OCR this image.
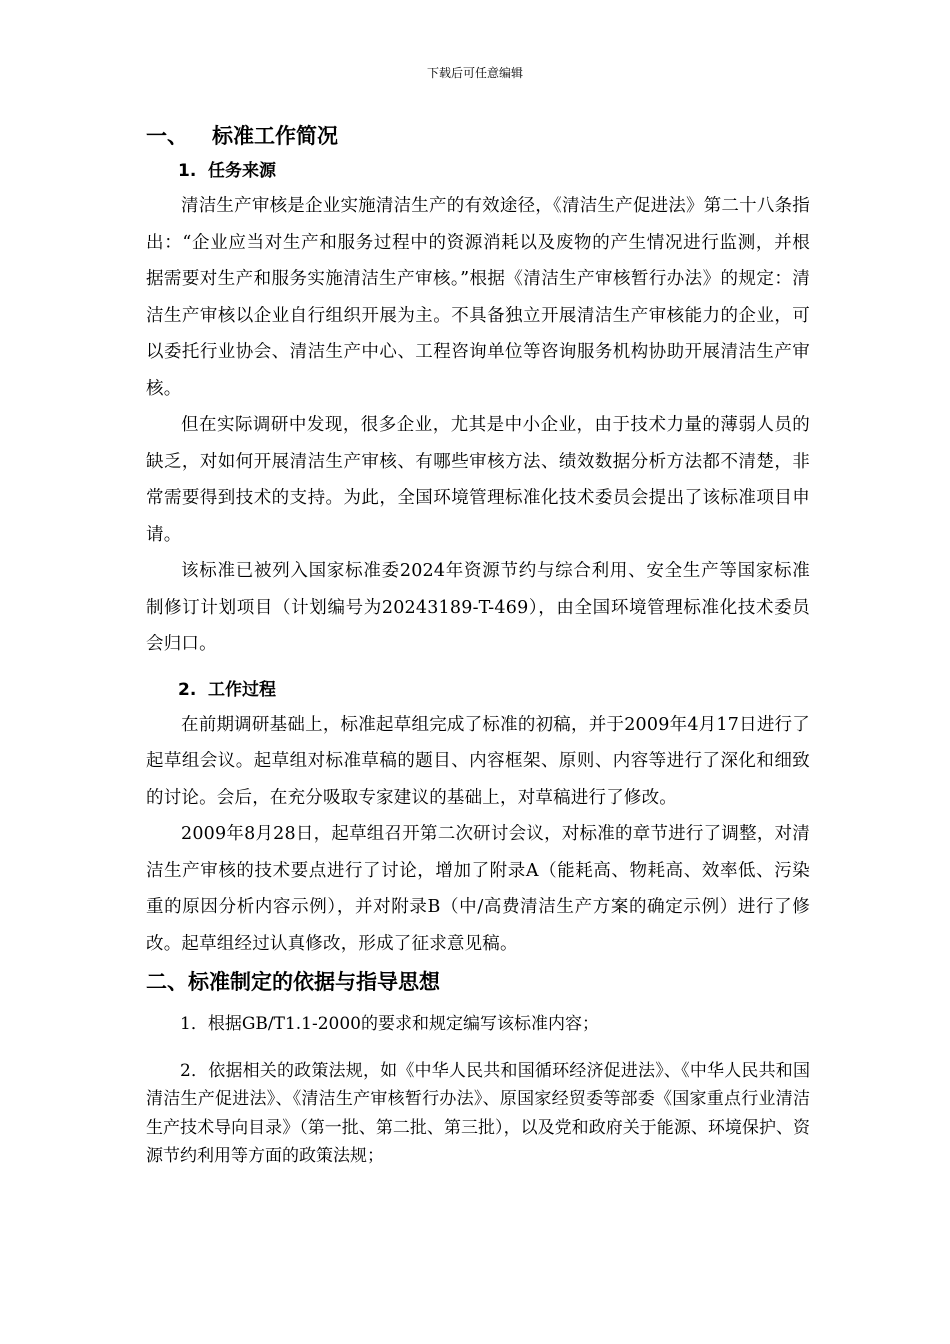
下载后可任意编辑
一、 标准工作简况
1. 任务来源

清洁生产审核是企业实施清洁生产的有效途径，《清洁生产促进法》第二十八条指出：“企业应当对生产和服务过程中的资源消耗以及废物的产生情况进行监测，并根据需要对生产和服务实施清洁生产审核。”根据《清洁生产审核暂行办法》的规定：清洁生产审核以企业自行组织开展为主。不具备独立开展清洁生产审核能力的企业，可以委托行业协会、清洁生产中心、工程咨询单位等咨询服务机构协助开展清洁生产审核。

但在实际调研中发现，很多企业，尤其是中小企业，由于技术力量的薄弱人员的缺乏，对如何开展清洁生产审核、有哪些审核方法、绩效数据分析方法都不清楚，非常需要得到技术的支持。为此，全国环境管理标准化技术委员会提出了该标准项目申请。

该标准已被列入国家标准委2024年资源节约与综合利用、安全生产等国家标准制修订计划项目（计划编号为20243189-T-469），由全国环境管理标准化技术委员会归口。

2. 工作过程

在前期调研基础上，标准起草组完成了标准的初稿，并于2009年4月17日进行了起草组会议。起草组对标准草稿的题目、内容框架、原则、内容等进行了深化和细致的讨论。会后，在充分吸取专家建议的基础上，对草稿进行了修改。

2009年8月28日，起草组召开第二次研讨会议，对标准的章节进行了调整，对清洁生产审核的技术要点进行了讨论，增加了附录A（能耗高、物耗高、效率低、污染重的原因分析内容示例），并对附录B（中/高费清洁生产方案的确定示例）进行了修改。起草组经过认真修改，形成了征求意见稿。

二、标准制定的依据与指导思想

1．根据GB/T1.1-2000的要求和规定编写该标准内容；

2．依据相关的政策法规，如《中华人民共和国循环经济促进法》、《中华人民共和国清洁生产促进法》、《清洁生产审核暂行办法》、原国家经贸委等部委《国家重点行业清洁生产技术导向目录》（第一批、第二批、第三批），以及党和政府关于能源、环境保护、资源节约利用等方面的政策法规；
